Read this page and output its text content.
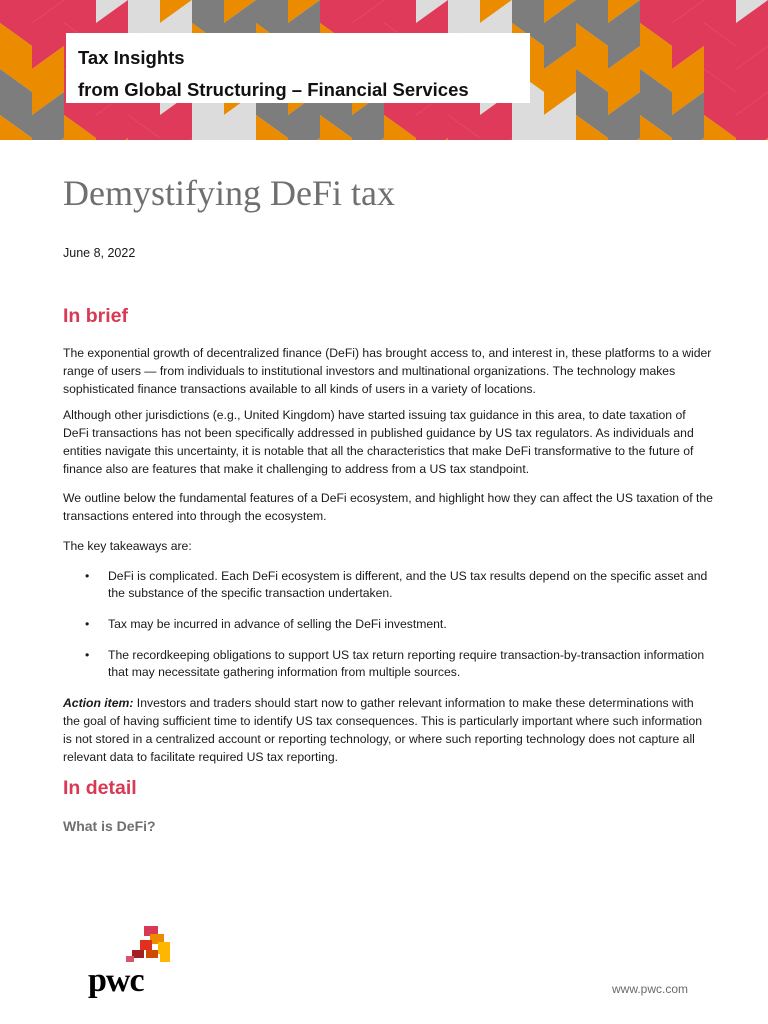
Tax Insights
from Global Structuring – Financial Services
Demystifying DeFi tax
June 8, 2022
In brief

The exponential growth of decentralized finance (DeFi) has brought access to, and interest in, these platforms to a wider range of users — from individuals to institutional investors and multinational organizations. The technology makes sophisticated finance transactions available to all kinds of users in a variety of locations.

Although other jurisdictions (e.g., United Kingdom) have started issuing tax guidance in this area, to date taxation of DeFi transactions has not been specifically addressed in published guidance by US tax regulators. As individuals and entities navigate this uncertainty, it is notable that all the characteristics that make DeFi transformative to the future of finance also are features that make it challenging to address from a US tax standpoint.

We outline below the fundamental features of a DeFi ecosystem, and highlight how they can affect the US taxation of the transactions entered into through the ecosystem.

The key takeaways are:

• DeFi is complicated. Each DeFi ecosystem is different, and the US tax results depend on the specific asset and the substance of the specific transaction undertaken.
• Tax may be incurred in advance of selling the DeFi investment.
• The recordkeeping obligations to support US tax return reporting require transaction-by-transaction information that may necessitate gathering information from multiple sources.

Action item: Investors and traders should start now to gather relevant information to make these determinations with the goal of having sufficient time to identify US tax consequences. This is particularly important where such information is not stored in a centralized account or reporting technology, or where such reporting technology does not capture all relevant data to facilitate required US tax reporting.

In detail
What is DeFi?
pwc	www.pwc.com
